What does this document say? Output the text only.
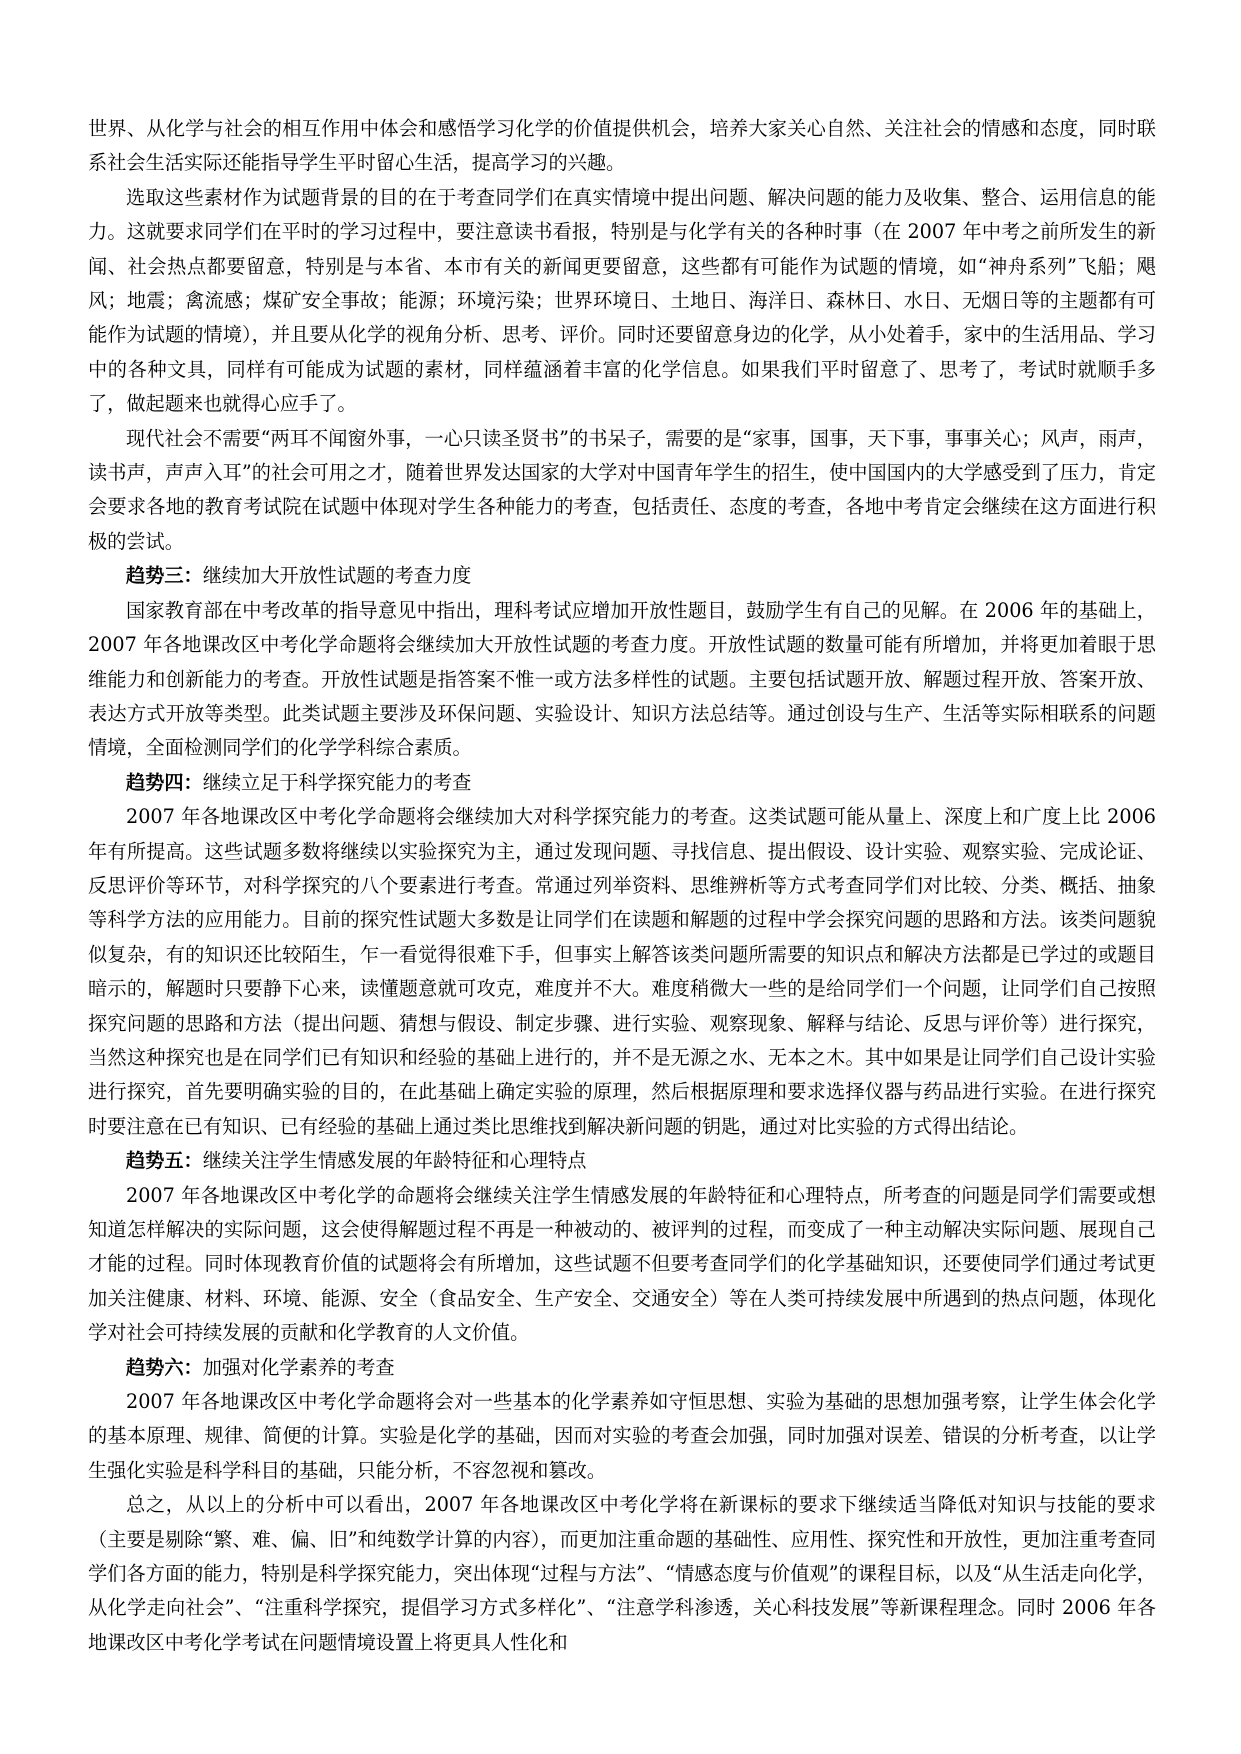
世界、从化学与社会的相互作用中体会和感悟学习化学的价值提供机会，培养大家关心自然、关注社会的情感和态度，同时联系社会生活实际还能指导学生平时留心生活，提高学习的兴趣。

选取这些素材作为试题背景的目的在于考查同学们在真实情境中提出问题、解决问题的能力及收集、整合、运用信息的能力。这就要求同学们在平时的学习过程中，要注意读书看报，特别是与化学有关的各种时事（在 2007 年中考之前所发生的新闻、社会热点都要留意，特别是与本省、本市有关的新闻更要留意，这些都有可能作为试题的情境，如“神舟系列”飞船；飓风；地震；禽流感；煤矿安全事故；能源；环境污染；世界环境日、土地日、海洋日、森林日、水日、无烟日等的主题都有可能作为试题的情境），并且要从化学的视角分析、思考、评价。同时还要留意身边的化学，从小处着手，家中的生活用品、学习中的各种文具，同样有可能成为试题的素材，同样蕴涵着丰富的化学信息。如果我们平时留意了、思考了，考试时就顺手多了，做起题来也就得心应手了。

现代社会不需要“两耳不闻窗外事，一心只读圣贤书”的书呆子，需要的是“家事，国事，天下事，事事关心；风声，雨声，读书声，声声入耳”的社会可用之才，随着世界发达国家的大学对中国青年学生的招生，使中国国内的大学感受到了压力，肯定会要求各地的教育考试院在试题中体现对学生各种能力的考查，包括责任、态度的考查，各地中考肯定会继续在这方面进行积极的尝试。

趋势三：继续加大开放性试题的考查力度

国家教育部在中考改革的指导意见中指出，理科考试应增加开放性题目，鼓励学生有自己的见解。在 2006 年的基础上，2007 年各地课改区中考化学命题将会继续加大开放性试题的考查力度。开放性试题的数量可能有所增加，并将更加着眼于思维能力和创新能力的考查。开放性试题是指答案不惟一或方法多样性的试题。主要包括试题开放、解题过程开放、答案开放、表达方式开放等类型。此类试题主要涉及环保问题、实验设计、知识方法总结等。通过创设与生产、生活等实际相联系的问题情境，全面检测同学们的化学学科综合素质。

趋势四：继续立足于科学探究能力的考查

2007 年各地课改区中考化学命题将会继续加大对科学探究能力的考查。这类试题可能从量上、深度上和广度上比 2006 年有所提高。这些试题多数将继续以实验探究为主，通过发现问题、寻找信息、提出假设、设计实验、观察实验、完成论证、反思评价等环节，对科学探究的八个要素进行考查。常通过列举资料、思维辨析等方式考查同学们对比较、分类、概括、抽象等科学方法的应用能力。目前的探究性试题大多数是让同学们在读题和解题的过程中学会探究问题的思路和方法。该类问题貌似复杂，有的知识还比较陌生，乍一看觉得很难下手，但事实上解答该类问题所需要的知识点和解决方法都是已学过的或题目暗示的，解题时只要静下心来，读懂题意就可攻克，难度并不大。难度稍微大一些的是给同学们一个问题，让同学们自己按照探究问题的思路和方法（提出问题、猜想与假设、制定步骤、进行实验、观察现象、解释与结论、反思与评价等）进行探究，当然这种探究也是在同学们已有知识和经验的基础上进行的，并不是无源之水、无本之木。其中如果是让同学们自己设计实验进行探究，首先要明确实验的目的，在此基础上确定实验的原理，然后根据原理和要求选择仪器与药品进行实验。在进行探究时要注意在已有知识、已有经验的基础上通过类比思维找到解决新问题的钥匙，通过对比实验的方式得出结论。

趋势五：继续关注学生情感发展的年龄特征和心理特点

2007 年各地课改区中考化学的命题将会继续关注学生情感发展的年龄特征和心理特点，所考查的问题是同学们需要或想知道怎样解决的实际问题，这会使得解题过程不再是一种被动的、被评判的过程，而变成了一种主动解决实际问题、展现自己才能的过程。同时体现教育价值的试题将会有所增加，这些试题不但要考查同学们的化学基础知识，还要使同学们通过考试更加关注健康、材料、环境、能源、安全（食品安全、生产安全、交通安全）等在人类可持续发展中所遇到的热点问题，体现化学对社会可持续发展的贡献和化学教育的人文价值。

趋势六：加强对化学素养的考查

2007 年各地课改区中考化学命题将会对一些基本的化学素养如守恒思想、实验为基础的思想加强考察，让学生体会化学的基本原理、规律、简便的计算。实验是化学的基础，因而对实验的考查会加强，同时加强对误差、错误的分析考查，以让学生强化实验是科学科目的基础，只能分析，不容忽视和篡改。

总之，从以上的分析中可以看出，2007 年各地课改区中考化学将在新课标的要求下继续适当降低对知识与技能的要求（主要是剔除“繁、难、偏、旧”和纯数学计算的内容），而更加注重命题的基础性、应用性、探究性和开放性，更加注重考查同学们各方面的能力，特别是科学探究能力，突出体现“过程与方法”、“情感态度与价值观”的课程目标，以及“从生活走向化学，从化学走向社会”、“注重科学探究，提倡学习方式多样化”、“注意学科渗透，关心科技发展”等新课程理念。同时 2006 年各地课改区中考化学考试在问题情境设置上将更具人性化和
